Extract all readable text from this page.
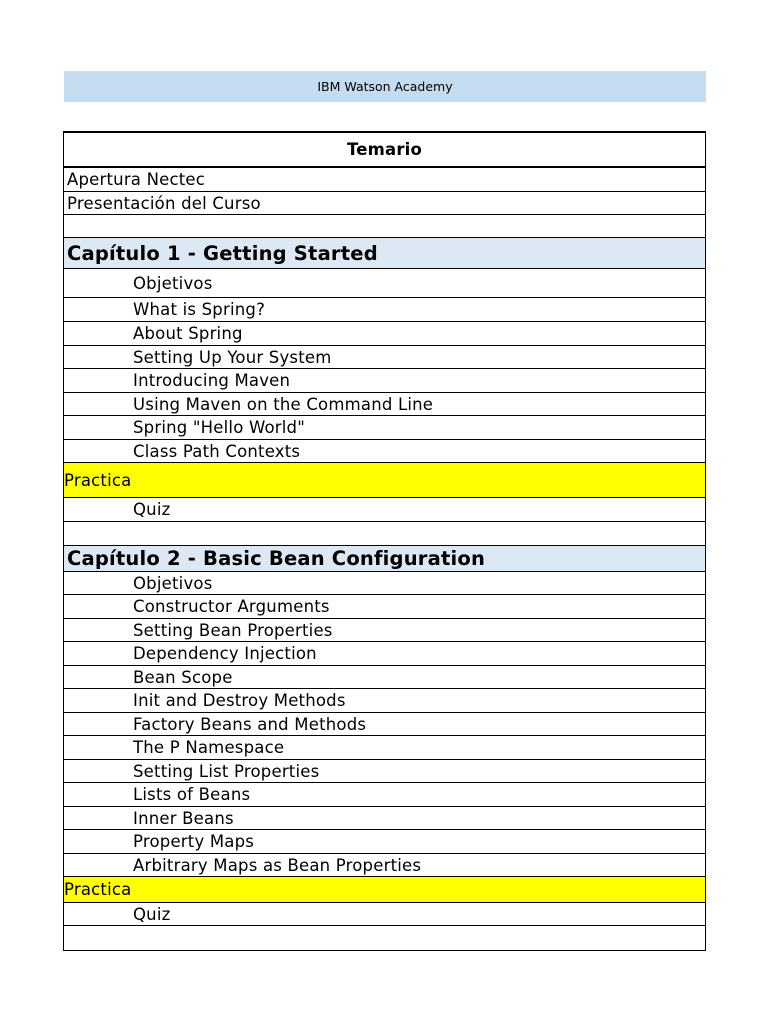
IBM Watson Academy
Temario
Apertura Nectec
Presentación del Curso
Capítulo 1 - Getting Started
Objetivos
What is Spring?
About Spring
Setting Up Your System
Introducing Maven
Using Maven on the Command Line
Spring "Hello World"
Class Path Contexts
Practica
Quiz
Capítulo 2 - Basic Bean Configuration
Objetivos
Constructor Arguments
Setting Bean Properties
Dependency Injection
Bean Scope
Init and Destroy Methods
Factory Beans and Methods
The P Namespace
Setting List Properties
Lists of Beans
Inner Beans
Property Maps
Arbitrary Maps as Bean Properties
Practica
Quiz
